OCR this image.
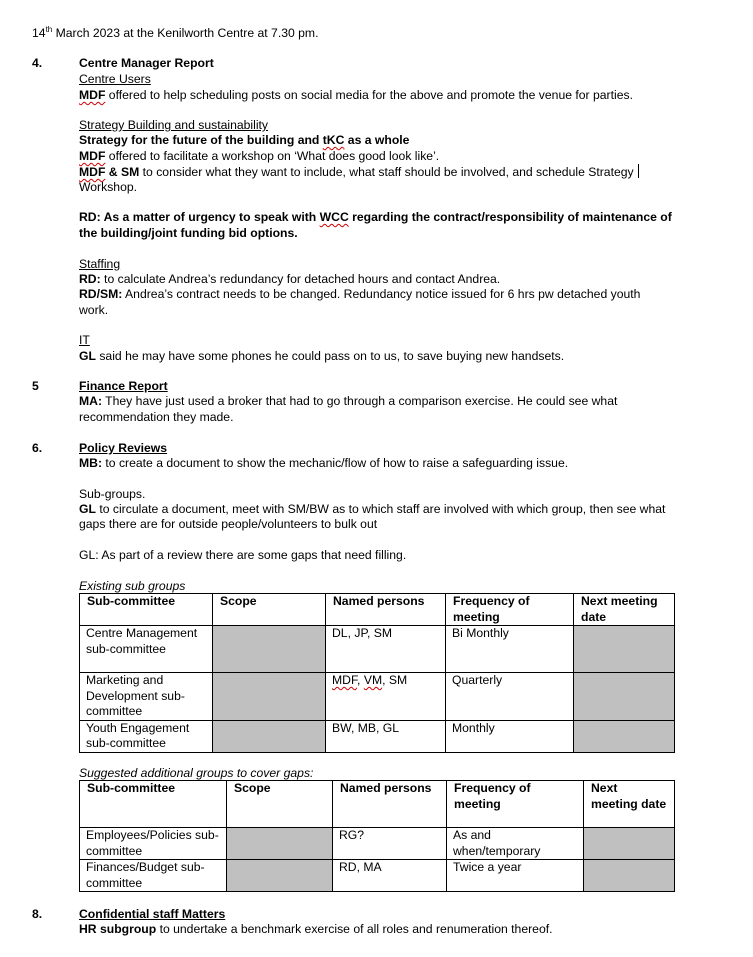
14th March 2023 at the Kenilworth Centre at 7.30 pm.
4.	Centre Manager Report
Centre Users
MDF offered to help scheduling posts on social media for the above and promote the venue for parties.
Strategy Building and sustainability
Strategy for the future of the building and tKC as a whole
MDF offered to facilitate a workshop on ‘What does good look like’.
MDF & SM to consider what they want to include, what staff should be involved, and schedule Strategy
Workshop.
RD: As a matter of urgency to speak with WCC regarding the contract/responsibility of maintenance of
the building/joint funding bid options.
Staffing
RD: to calculate Andrea’s redundancy for detached hours and contact Andrea.
RD/SM: Andrea’s contract needs to be changed. Redundancy notice issued for 6 hrs pw detached youth
work.
IT
GL said he may have some phones he could pass on to us, to save buying new handsets.
5	Finance Report
MA: They have just used a broker that had to go through a comparison exercise. He could see what
recommendation they made.
6.	Policy Reviews
MB: to create a document to show the mechanic/flow of how to raise a safeguarding issue.
Sub-groups.
GL to circulate a document, meet with SM/BW as to which staff are involved with which group, then see what
gaps there are for outside people/volunteers to bulk out
GL: As part of a review there are some gaps that need filling.
Existing sub groups
Sub-committee	Scope	Named persons	Frequency of meeting	Next meeting date
Centre Management sub-committee		DL, JP, SM	Bi Monthly	
Marketing and Development sub-committee		MDF, VM, SM	Quarterly	
Youth Engagement sub-committee		BW, MB, GL	Monthly	
Suggested additional groups to cover gaps:
Sub-committee	Scope	Named persons	Frequency of meeting	Next meeting date
Employees/Policies sub-committee		RG?	As and when/temporary	
Finances/Budget sub-committee		RD, MA	Twice a year	
8.	Confidential staff Matters
HR subgroup to undertake a benchmark exercise of all roles and renumeration thereof.
